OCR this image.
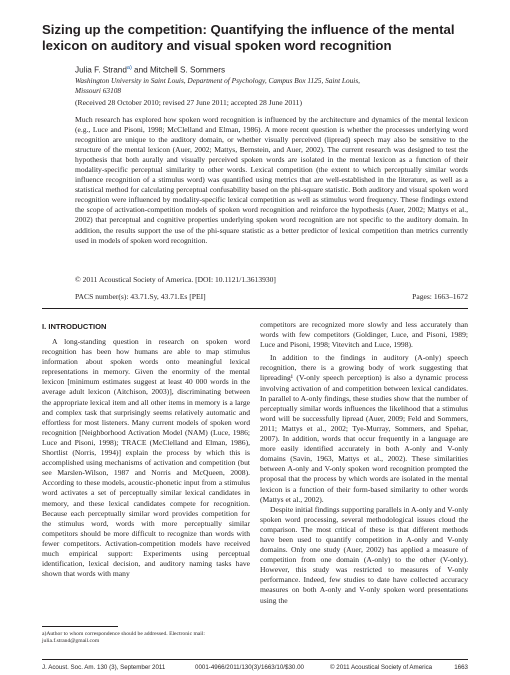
Sizing up the competition: Quantifying the influence of the mental lexicon on auditory and visual spoken word recognition
Julia F. Strand$^{a)}$ and Mitchell S. Sommers
Washington University in Saint Louis, Department of Psychology, Campus Box 1125, Saint Louis, Missouri 63108
(Received 28 October 2010; revised 27 June 2011; accepted 28 June 2011)

Much research has explored how spoken word recognition is influenced by the architecture and dynamics of the mental lexicon (e.g., Luce and Pisoni, 1998; McClelland and Elman, 1986). A more recent question is whether the processes underlying word recognition are unique to the auditory domain, or whether visually perceived (lipread) speech may also be sensitive to the structure of the mental lexicon (Auer, 2002; Mattys, Bernstein, and Auer, 2002). The current research was designed to test the hypothesis that both aurally and visually perceived spoken words are isolated in the mental lexicon as a function of their modality-specific perceptual similarity to other words. Lexical competition (the extent to which perceptually similar words influence recognition of a stimulus word) was quantified using metrics that are well-established in the literature, as well as a statistical method for calculating perceptual confusability based on the phi-square statistic. Both auditory and visual spoken word recognition were influenced by modality-specific lexical competition as well as stimulus word frequency. These findings extend the scope of activation-competition models of spoken word recognition and reinforce the hypothesis (Auer, 2002; Mattys et al., 2002) that perceptual and cognitive properties underlying spoken word recognition are not specific to the auditory domain. In addition, the results support the use of the phi-square statistic as a better predictor of lexical competition than metrics currently used in models of spoken word recognition.

© 2011 Acoustical Society of America. [DOI: 10.1121/1.3613930]
PACS number(s): 43.71.Sy, 43.71.Es [PEI]	Pages: 1663–1672
I. INTRODUCTION

A long-standing question in research on spoken word recognition has been how humans are able to map stimulus information about spoken words onto meaningful lexical representations in memory. Given the enormity of the mental lexicon [minimum estimates suggest at least 40 000 words in the average adult lexicon (Aitchison, 2003)], discriminating between the appropriate lexical item and all other items in memory is a large and complex task that surprisingly seems relatively automatic and effortless for most listeners. Many current models of spoken word recognition [Neighborhood Activation Model (NAM) (Luce, 1986; Luce and Pisoni, 1998); TRACE (McClelland and Elman, 1986), Shortlist (Norris, 1994)] explain the process by which this is accomplished using mechanisms of activation and competition (but see Marslen-Wilson, 1987 and Norris and McQueen, 2008). According to these models, acoustic-phonetic input from a stimulus word activates a set of perceptually similar lexical candidates in memory, and these lexical candidates compete for recognition. Because each perceptually similar word provides competition for the stimulus word, words with more perceptually similar competitors should be more difficult to recognize than words with fewer competitors. Activation-competition models have received much empirical support: Experiments using perceptual identification, lexical decision, and auditory naming tasks have shown that words with many

competitors are recognized more slowly and less accurately than words with few competitors (Goldinger, Luce, and Pisoni, 1989; Luce and Pisoni, 1998; Vitevitch and Luce, 1998).

In addition to the findings in auditory (A-only) speech recognition, there is a growing body of work suggesting that lipreading¹ (V-only speech perception) is also a dynamic process involving activation of and competition between lexical candidates. In parallel to A-only findings, these studies show that the number of perceptually similar words influences the likelihood that a stimulus word will be successfully lipread (Auer, 2009; Feld and Sommers, 2011; Mattys et al., 2002; Tye-Murray, Sommers, and Spehar, 2007). In addition, words that occur frequently in a language are more easily identified accurately in both A-only and V-only domains (Savin, 1963, Mattys et al., 2002). These similarities between A-only and V-only spoken word recognition prompted the proposal that the process by which words are isolated in the mental lexicon is a function of their form-based similarity to other words (Mattys et al., 2002).

Despite initial findings supporting parallels in A-only and V-only spoken word processing, several methodological issues cloud the comparison. The most critical of these is that different methods have been used to quantify competition in A-only and V-only domains. Only one study (Auer, 2002) has applied a measure of competition from one domain (A-only) to the other (V-only). However, this study was restricted to measures of V-only performance. Indeed, few studies to date have collected accuracy measures on both A-only and V-only spoken word presentations using the

a)Author to whom correspondence should be addressed. Electronic mail: julia.f.strand@gmail.com
J. Acoust. Soc. Am. 130 (3), September 2011	0001-4966/2011/130(3)/1663/10/$30.00	© 2011 Acoustical Society of America	1663
